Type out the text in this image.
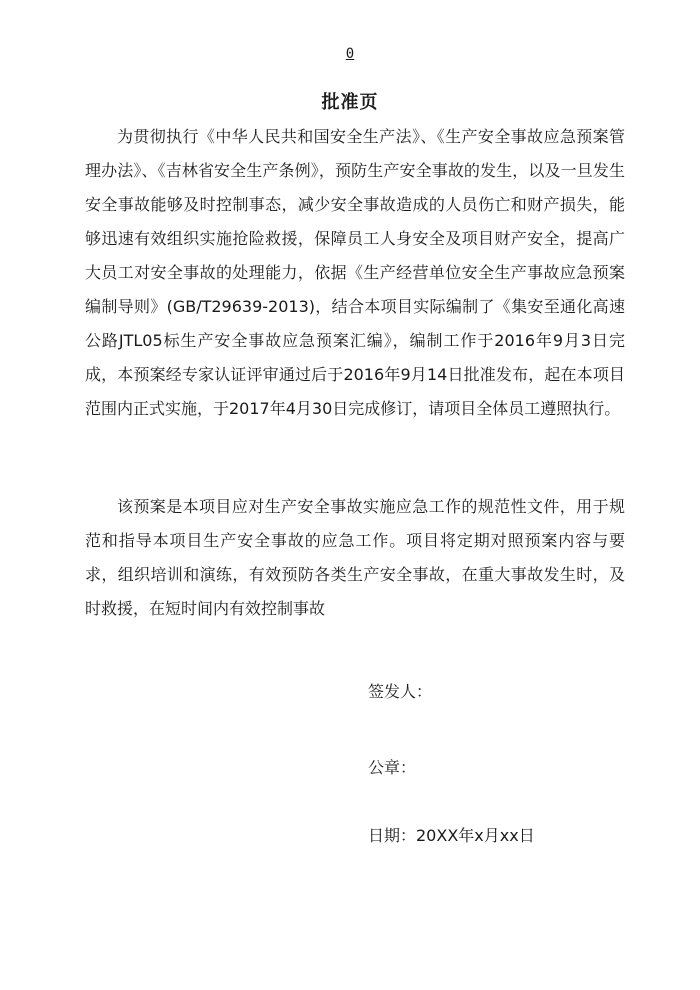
0
批准页

为贯彻执行《中华人民共和国安全生产法》、《生产安全事故应急预案管理办法》、《吉林省安全生产条例》，预防生产安全事故的发生，以及一旦发生安全事故能够及时控制事态，减少安全事故造成的人员伤亡和财产损失，能够迅速有效组织实施抢险救援，保障员工人身安全及项目财产安全，提高广大员工对安全事故的处理能力，依据《生产经营单位安全生产事故应急预案编制导则》(GB/T29639-2013)，结合本项目实际编制了《集安至通化高速公路JTL05标生产安全事故应急预案汇编》，编制工作于2016年9月3日完成，本预案经专家认证评审通过后于2016年9月14日批准发布，起在本项目范围内正式实施，于2017年4月30日完成修订，请项目全体员工遵照执行。

该预案是本项目应对生产安全事故实施应急工作的规范性文件，用于规范和指导本项目生产安全事故的应急工作。项目将定期对照预案内容与要求，组织培训和演练，有效预防各类生产安全事故，在重大事故发生时，及时救援，在短时间内有效控制事故

签发人：
公章：
日期：20XX年x月xx日
